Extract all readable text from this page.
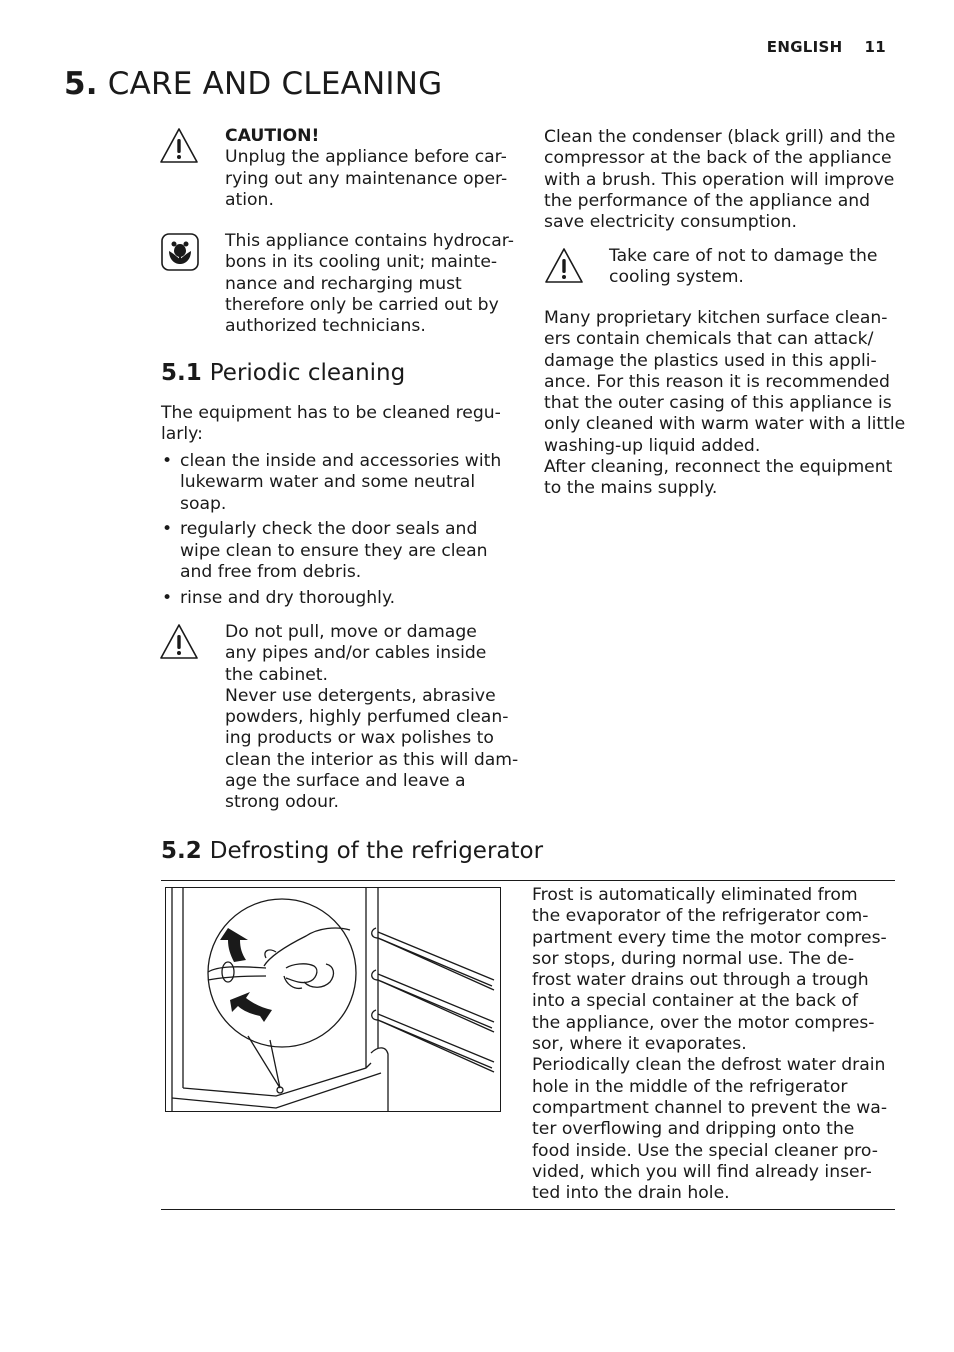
ENGLISH 11
5. CARE AND CLEANING
CAUTION!
Unplug the appliance before car-
rying out any maintenance oper-
ation.
This appliance contains hydrocar-
bons in its cooling unit; mainte-
nance and recharging must
therefore only be carried out by
authorized technicians.
5.1 Periodic cleaning
The equipment has to be cleaned regu-
larly:
• clean the inside and accessories with
lukewarm water and some neutral
soap.
• regularly check the door seals and
wipe clean to ensure they are clean
and free from debris.
• rinse and dry thoroughly.
Do not pull, move or damage
any pipes and/or cables inside
the cabinet.
Never use detergents, abrasive
powders, highly perfumed clean-
ing products or wax polishes to
clean the interior as this will dam-
age the surface and leave a
strong odour.
Clean the condenser (black grill) and the
compressor at the back of the appliance
with a brush. This operation will improve
the performance of the appliance and
save electricity consumption.
Take care of not to damage the
cooling system.
Many proprietary kitchen surface clean-
ers contain chemicals that can attack/
damage the plastics used in this appli-
ance. For this reason it is recommended
that the outer casing of this appliance is
only cleaned with warm water with a little
washing-up liquid added.
After cleaning, reconnect the equipment
to the mains supply.
5.2 Defrosting of the refrigerator
Frost is automatically eliminated from
the evaporator of the refrigerator com-
partment every time the motor compres-
sor stops, during normal use. The de-
frost water drains out through a trough
into a special container at the back of
the appliance, over the motor compres-
sor, where it evaporates.
Periodically clean the defrost water drain
hole in the middle of the refrigerator
compartment channel to prevent the wa-
ter overflowing and dripping onto the
food inside. Use the special cleaner pro-
vided, which you will find already inser-
ted into the drain hole.
